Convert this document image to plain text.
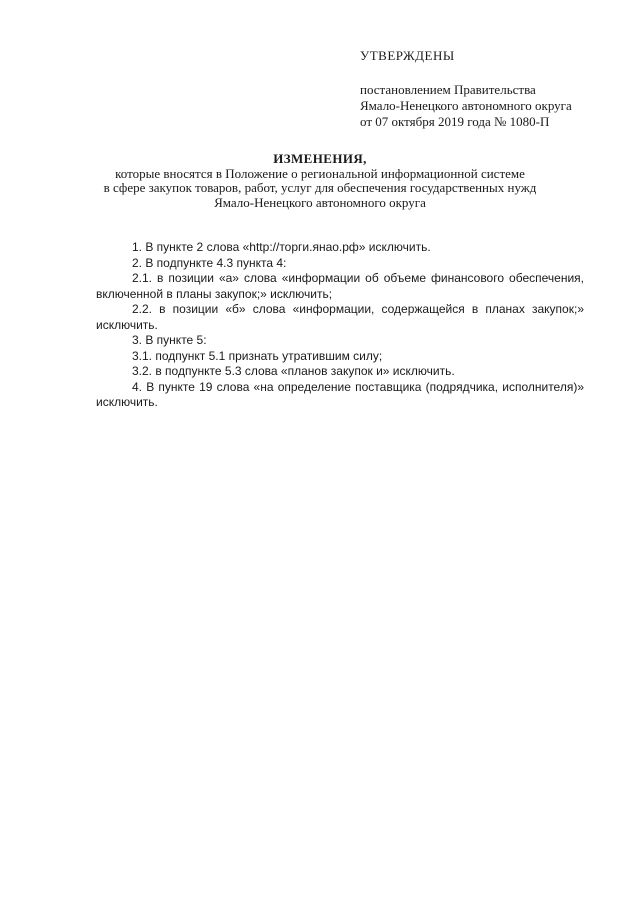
УТВЕРЖДЕНЫ
постановлением Правительства
Ямало-Ненецкого автономного округа
от 07 октября 2019 года № 1080-П
ИЗМЕНЕНИЯ,
которые вносятся в Положение о региональной информационной системе
в сфере закупок товаров, работ, услуг для обеспечения государственных нужд
Ямало-Ненецкого автономного округа

1. В пункте 2 слова «http://торги.янао.рф» исключить.

2. В подпункте 4.3 пункта 4:

2.1. в позиции «а» слова «информации об объеме финансового обеспечения, включенной в планы закупок;» исключить;

2.2. в позиции «б» слова «информации, содержащейся в планах закупок;» исключить.

3. В пункте 5:

3.1. подпункт 5.1 признать утратившим силу;

3.2. в подпункте 5.3 слова «планов закупок и» исключить.

4. В пункте 19 слова «на определение поставщика (подрядчика, исполнителя)» исключить.
